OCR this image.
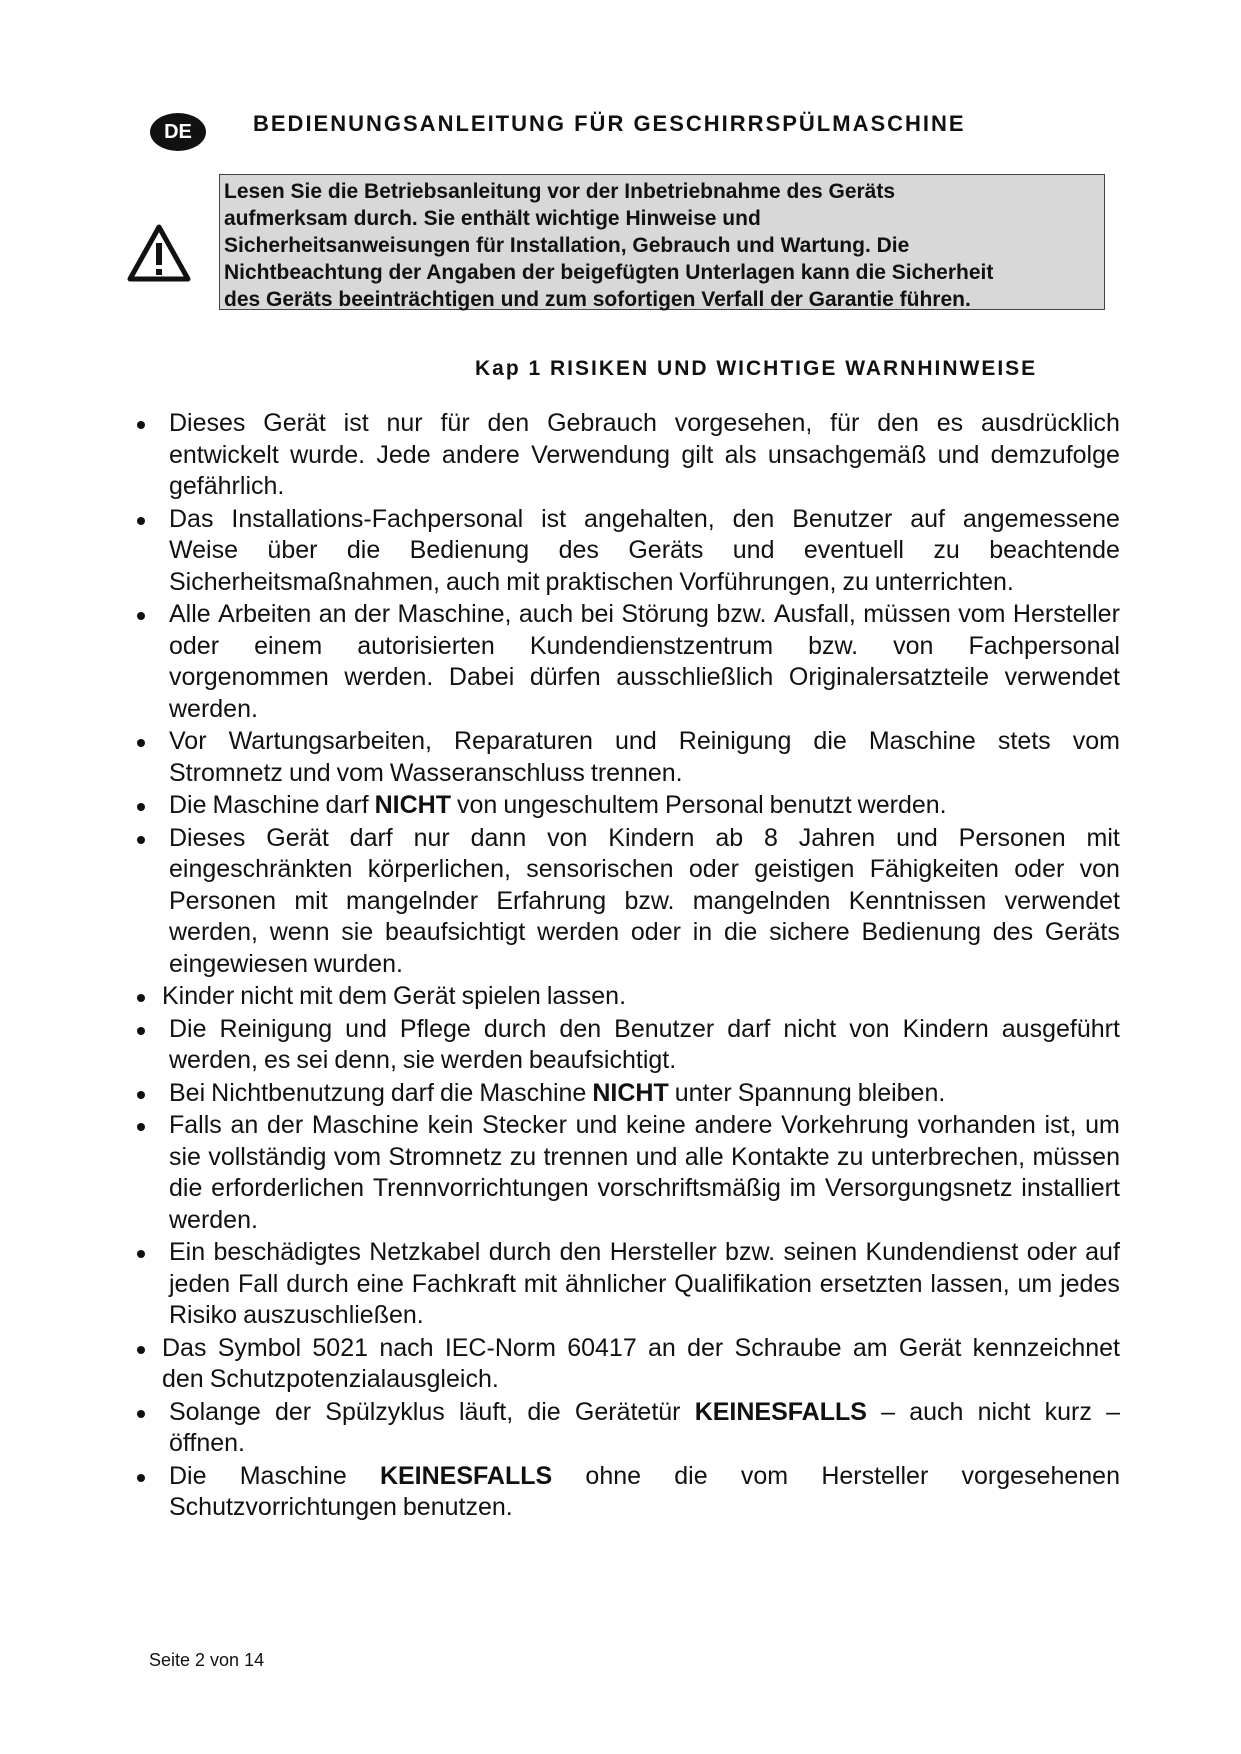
DE	BEDIENUNGSANLEITUNG FÜR GESCHIRRSPÜLMASCHINE
Lesen Sie die Betriebsanleitung vor der Inbetriebnahme des Geräts
aufmerksam durch. Sie enthält wichtige Hinweise und
Sicherheitsanweisungen für Installation, Gebrauch und Wartung. Die
Nichtbeachtung der Angaben der beigefügten Unterlagen kann die Sicherheit
des Geräts beeinträchtigen und zum sofortigen Verfall der Garantie führen.
Kap 1 RISIKEN UND WICHTIGE WARNHINWEISE
Dieses Gerät ist nur für den Gebrauch vorgesehen, für den es ausdrücklich
entwickelt wurde. Jede andere Verwendung gilt als unsachgemäß und demzufolge
gefährlich.
Das Installations-Fachpersonal ist angehalten, den Benutzer auf angemessene
Weise über die Bedienung des Geräts und eventuell zu beachtende
Sicherheitsmaßnahmen, auch mit praktischen Vorführungen, zu unterrichten.
Alle Arbeiten an der Maschine, auch bei Störung bzw. Ausfall, müssen vom Hersteller
oder einem autorisierten Kundendienstzentrum bzw. von Fachpersonal
vorgenommen werden. Dabei dürfen ausschließlich Originalersatzteile verwendet
werden.
Vor Wartungsarbeiten, Reparaturen und Reinigung die Maschine stets vom
Stromnetz und vom Wasseranschluss trennen.
Die Maschine darf NICHT von ungeschultem Personal benutzt werden.
Dieses Gerät darf nur dann von Kindern ab 8 Jahren und Personen mit
eingeschränkten körperlichen, sensorischen oder geistigen Fähigkeiten oder von
Personen mit mangelnder Erfahrung bzw. mangelnden Kenntnissen verwendet
werden, wenn sie beaufsichtigt werden oder in die sichere Bedienung des Geräts
eingewiesen wurden.
Kinder nicht mit dem Gerät spielen lassen.
Die Reinigung und Pflege durch den Benutzer darf nicht von Kindern ausgeführt
werden, es sei denn, sie werden beaufsichtigt.
Bei Nichtbenutzung darf die Maschine NICHT unter Spannung bleiben.
Falls an der Maschine kein Stecker und keine andere Vorkehrung vorhanden ist, um
sie vollständig vom Stromnetz zu trennen und alle Kontakte zu unterbrechen, müssen
die erforderlichen Trennvorrichtungen vorschriftsmäßig im Versorgungsnetz installiert
werden.
Ein beschädigtes Netzkabel durch den Hersteller bzw. seinen Kundendienst oder auf
jeden Fall durch eine Fachkraft mit ähnlicher Qualifikation ersetzten lassen, um jedes
Risiko auszuschließen.
Das Symbol 5021 nach IEC-Norm 60417 an der Schraube am Gerät kennzeichnet
den Schutzpotenzialausgleich.
Solange der Spülzyklus läuft, die Gerätetür KEINESFALLS – auch nicht kurz –
öffnen.
Die Maschine KEINESFALLS ohne die vom Hersteller vorgesehenen
Schutzvorrichtungen benutzen.
Seite 2 von 14
